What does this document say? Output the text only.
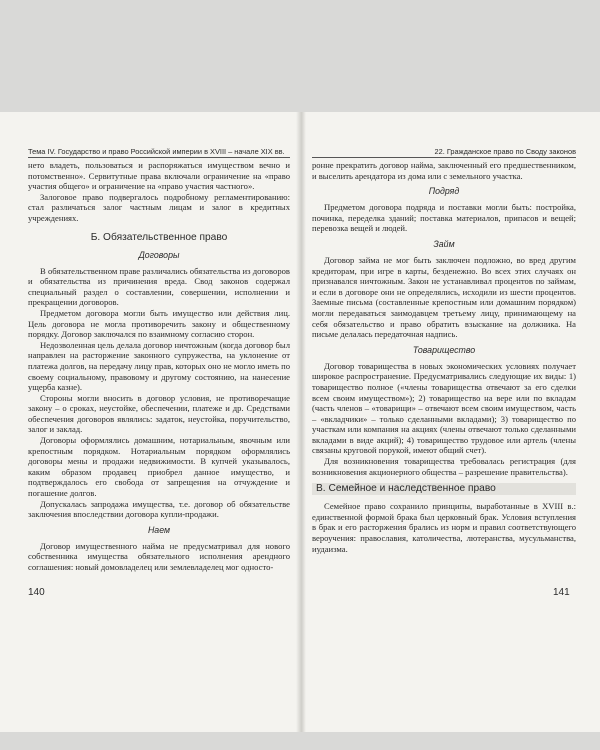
Тема IV. Государство и право Российской империи в XVIII – начале XIX вв.	22. Гражданское право по Своду законов

нето владеть, пользоваться и распоряжаться имуществом вечно и потомственно». Сервитутные права включали ограничение на «право участия общего» и ограничение на «право участия частного».

Залоговое право подвергалось подробному регламентированию: стал различаться залог частным лицам и залог в кредитных учреждениях.

Б. Обязательственное право
Договоры

В обязательственном праве различались обязательства из договоров и обязательства из причинения вреда. Свод законов содержал специальный раздел о составлении, совершении, исполнении и прекращении договоров.

Предметом договора могли быть имущество или действия лиц. Цель договора не могла противоречить закону и общественному порядку. Договор заключался по взаимному согласию сторон.

Недозволенная цель делала договор ничтожным (когда договор был направлен на расторжение законного супружества, на уклонение от платежа долгов, на передачу лицу прав, которых оно не могло иметь по своему социальному, правовому и другому состоянию, на нанесение ущерба казне).

Стороны могли вносить в договор условия, не противоречащие закону – о сроках, неустойке, обеспечении, платеже и др. Средствами обеспечения договоров являлись: задаток, неустойка, поручительство, залог и заклад.

Договоры оформлялись домашним, нотариальным, явочным или крепостным порядком. Нотариальным порядком оформлялись договоры мены и продажи недвижимости. В купчей указывалось, каким образом продавец приобрел данное имущество, и подтверждалось его свобода от запрещения на отчуждение и погашение долгов.

Допускалась запродажа имущества, т.е. договор об обязательстве заключения впоследствии договора купли-продажи.

Наем

Договор имущественного найма не предусматривал для нового собственника имущества обязательного исполнения арендного соглашения: новый домовладелец или землевладелец мог односто-

140

ронне прекратить договор найма, заключенный его предшественником, и выселить арендатора из дома или с земельного участка.

Подряд

Предметом договора подряда и поставки могли быть: постройка, починка, переделка зданий; поставка материалов, припасов и вещей; перевозка вещей и людей.

Займ

Договор займа не мог быть заключен подложно, во вред другим кредиторам, при игре в карты, безденежно. Во всех этих случаях он признавался ничтожным. Закон не устанавливал процентов по займам, и если в договоре они не определялись, исходили из шести процентов. Заемные письма (составленные крепостным или домашним порядком) могли передаваться заимодавцем третьему лицу, принимающему на себя обязательство и право обратить взыскание на должника. На письме делалась передаточная надпись.

Товарищество

Договор товарищества в новых экономических условиях получает широкое распространение. Предусматривались следующие их виды: 1) товарищество полное («члены товарищества отвечают за его сделки всем своим имуществом»); 2) товарищество на вере или по вкладам (часть членов – «товарищи» – отвечают всем своим имуществом, часть – «вкладчики» – только сделанными вкладами); 3) товарищество по участкам или компания на акциях (члены отвечают только сделанными вкладами в виде акций); 4) товарищество трудовое или артель (члены связаны круговой порукой, имеют общий счет).

Для возникновения товарищества требовалась регистрация (для возникновения акционерного общества – разрешение правительства).

В. Семейное и наследственное право

Семейное право сохранило принципы, выработанные в XVIII в.: единственной формой брака был церковный брак. Условия вступления в брак и его расторжения брались из норм и правил соответствующего вероучения: православия, католичества, лютеранства, мусульманства, иудаизма.

141
